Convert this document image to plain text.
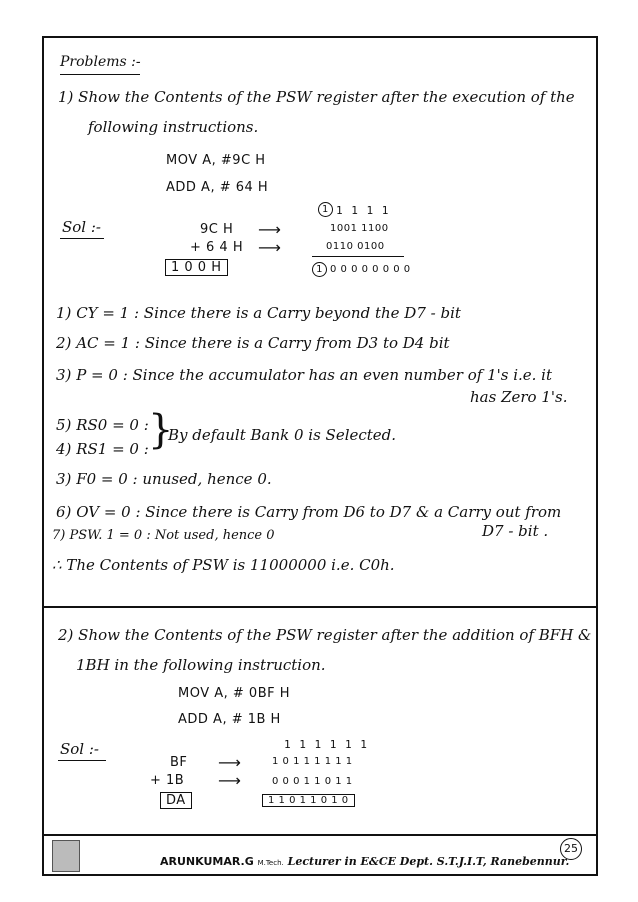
Problems :-
1) Show the Contents of the PSW register after the execution of the
following instructions.
MOV A, #9C H
ADD A, # 64 H
Sol :-	9C H
+ 6 4 H
1 0 0 H
⟶
⟶
1 1 1 1 1
1001 1100
0110 0100
1 0 0 0 0 0 0 0 0
1) CY = 1 : Since there is a Carry beyond the D7 - bit
2) AC = 1 : Since there is a Carry from D3 to D4 bit
3) P = 0 : Since the accumulator has an even number of 1's i.e. it
has Zero 1's.
5) RS0 = 0 :
4) RS1 = 0 : }
By default Bank 0 is Selected.
3) F0 = 0 : unused, hence 0.
6) OV = 0 : Since there is Carry from D6 to D7 & a Carry out from
D7 - bit .
7) PSW. 1 = 0 : Not used, hence 0
∴ The Contents of PSW is 11000000 i.e. C0h.
2) Show the Contents of the PSW register after the addition of BFH &
1BH in the following instruction.
MOV A, # 0BF H
ADD A, # 1B H
Sol :-
BF
+ 1B
DA
⟶
⟶
1 1 1 1 1 1
1 0 1 1 1 1 1 1
0 0 0 1 1 0 1 1
1 1 0 1 1 0 1 0
ARUNKUMAR.G M.Tech. Lecturer in E&CE Dept. S.T.J.I.T, Ranebennur.
25
